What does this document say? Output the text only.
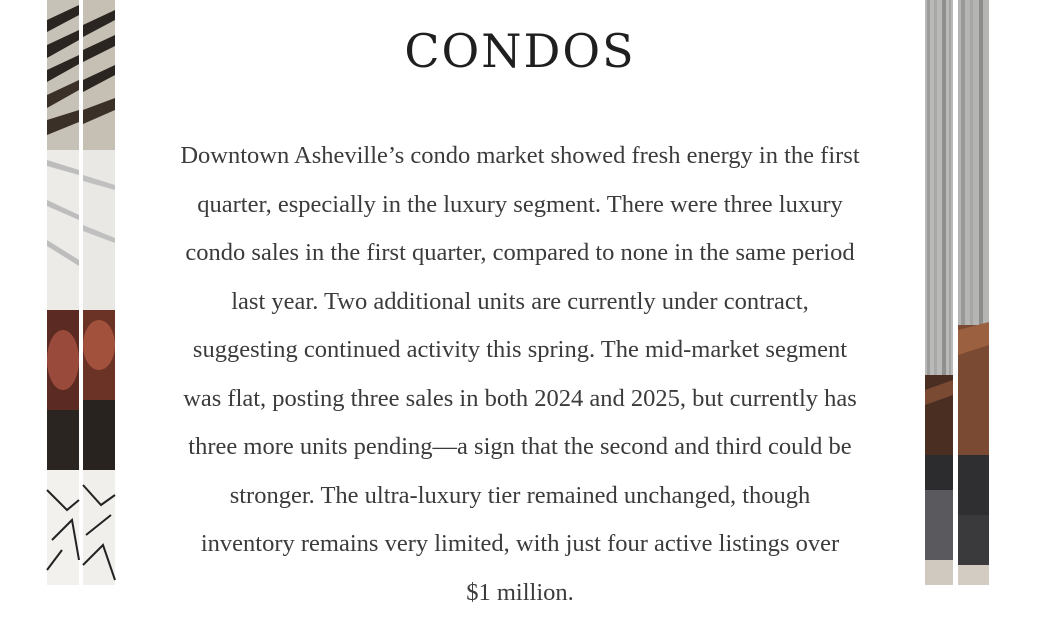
CONDOS
Downtown Asheville’s condo market showed fresh energy in the first
quarter, especially in the luxury segment. There were three luxury
condo sales in the first quarter, compared to none in the same period
last year. Two additional units are currently under contract,
suggesting continued activity this spring. The mid-market segment
was flat, posting three sales in both 2024 and 2025, but currently has
three more units pending—a sign that the second and third could be
stronger. The ultra-luxury tier remained unchanged, though
inventory remains very limited, with just four active listings over
$1 million.
